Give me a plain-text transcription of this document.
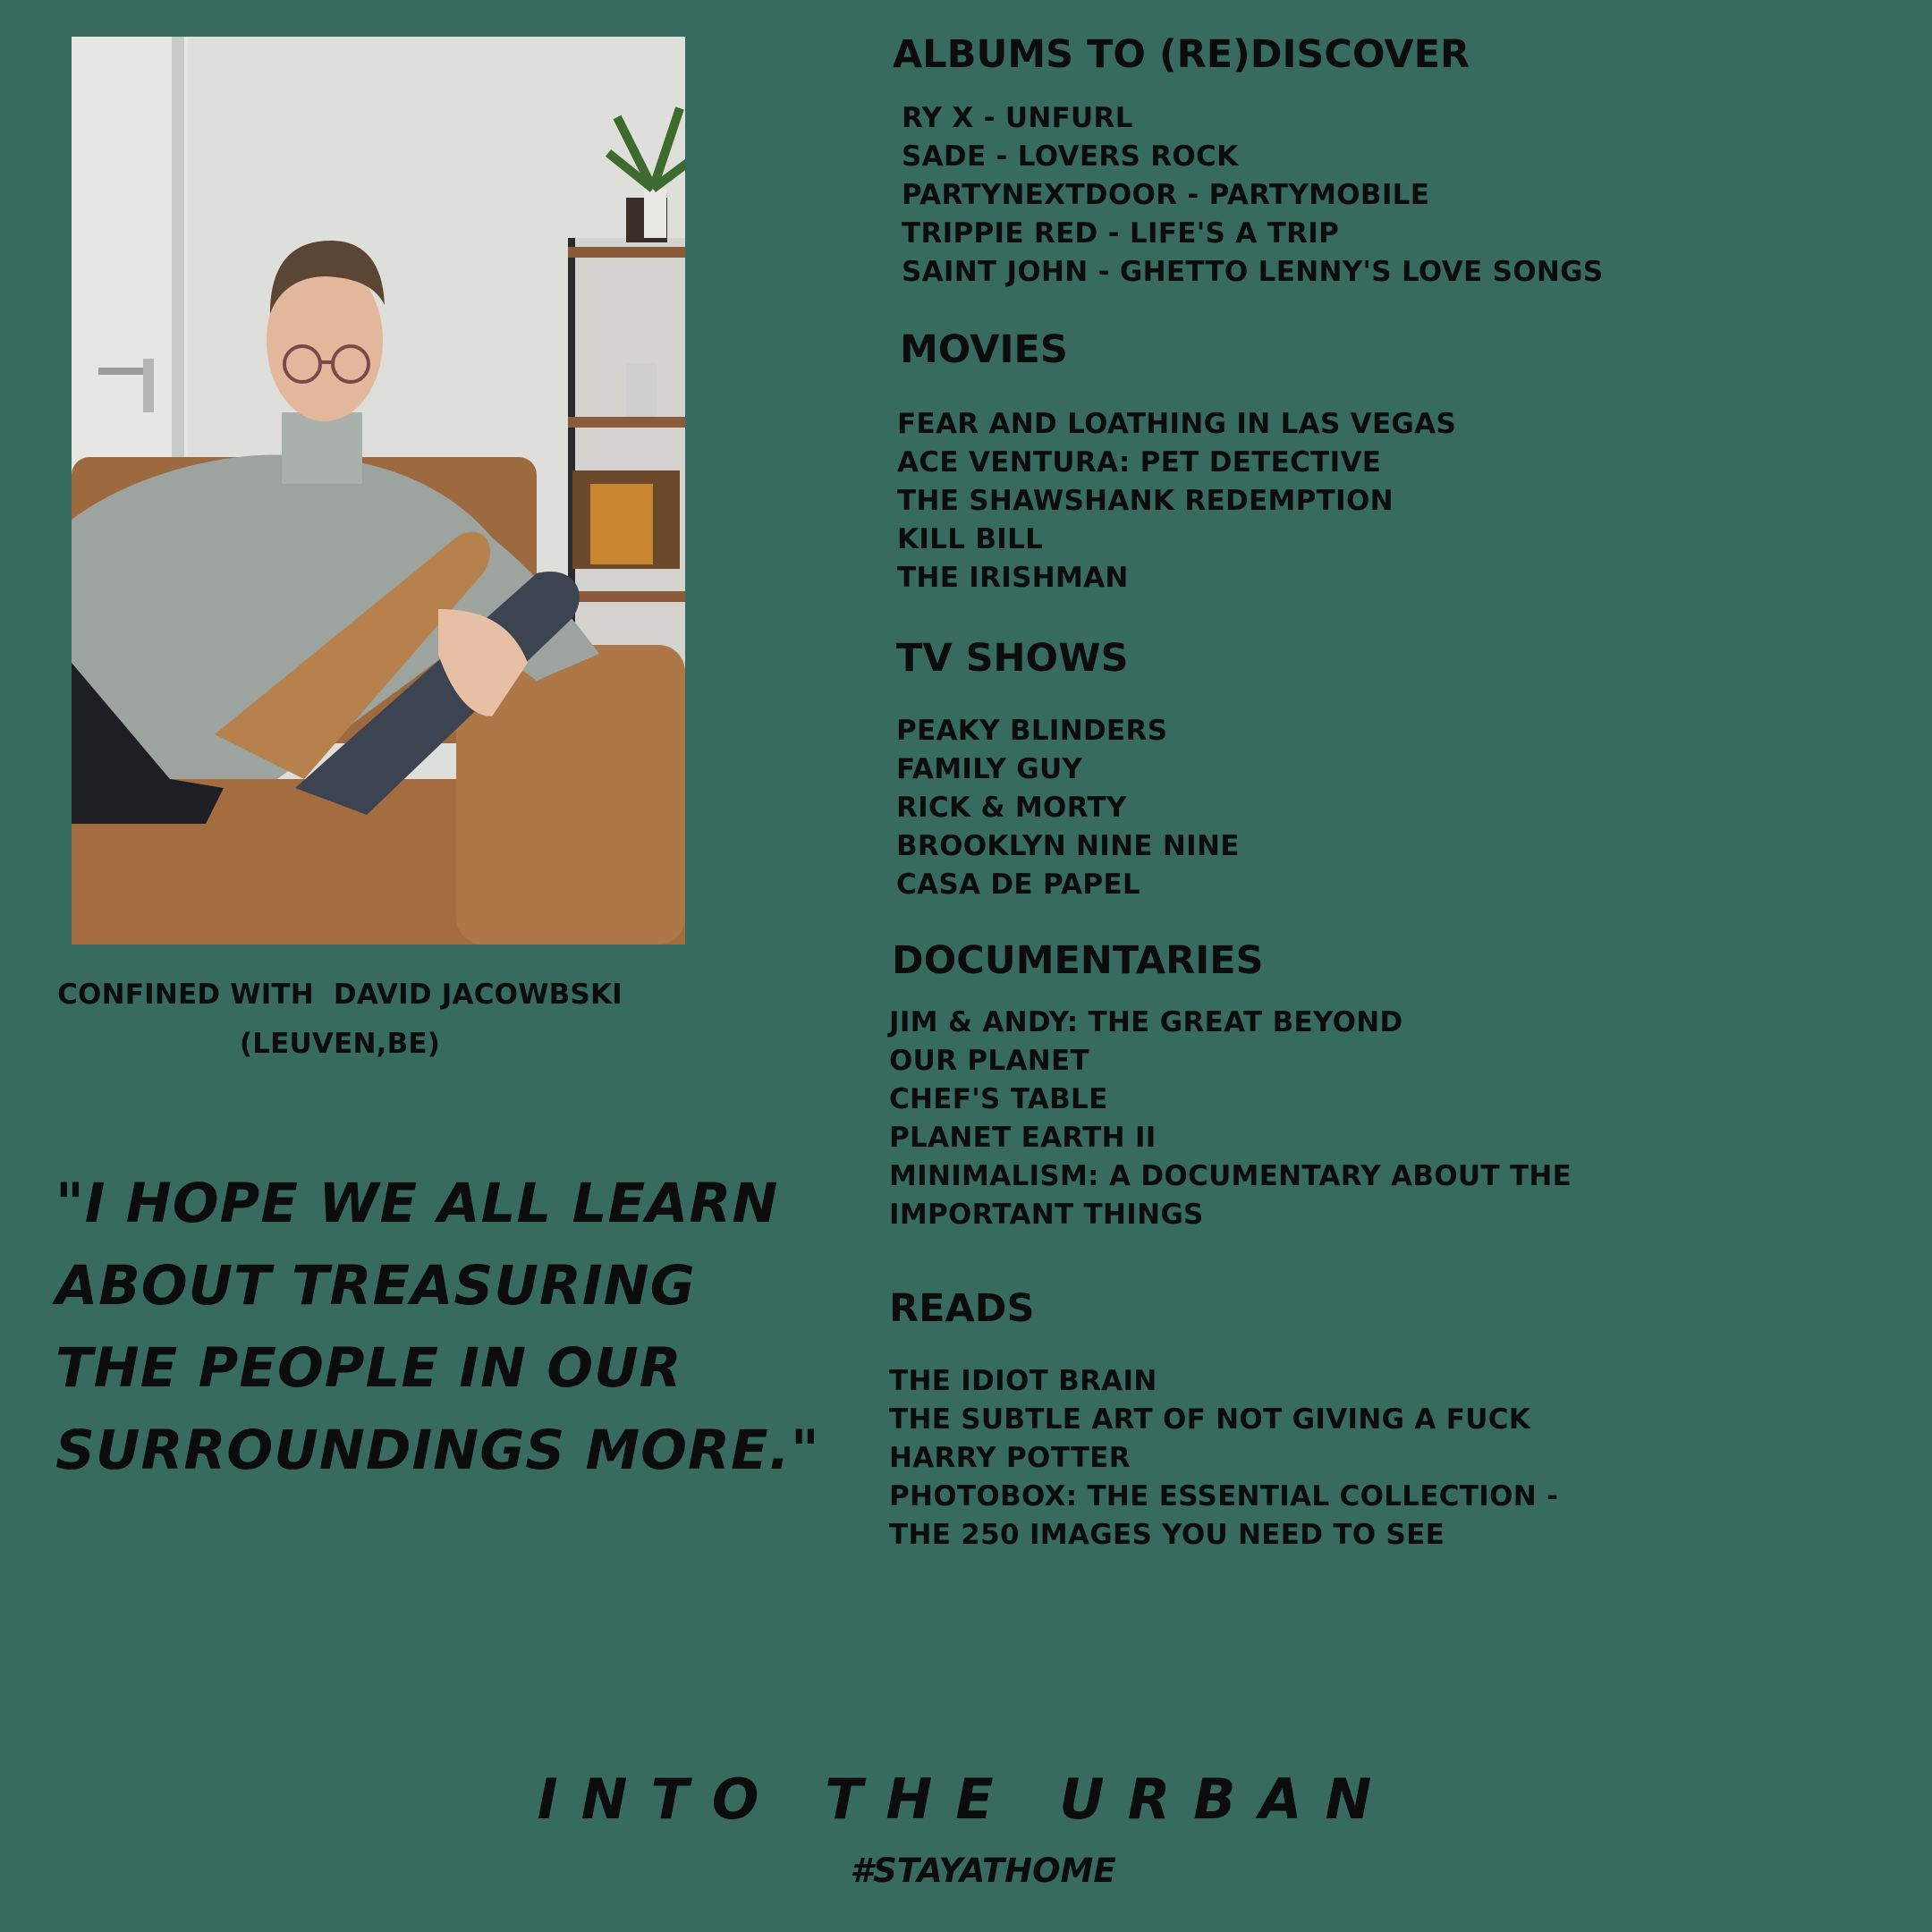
CONFINED WITH  DAVID JACOWBSKI
(LEUVEN,BE)
"I HOPE WE ALL LEARN
ABOUT TREASURING
THE PEOPLE IN OUR
SURROUNDINGS MORE."
ALBUMS TO (RE)DISCOVER
RY X - UNFURL
SADE - LOVERS ROCK
PARTYNEXTDOOR - PARTYMOBILE
TRIPPIE RED - LIFE'S A TRIP
SAINT JOHN - GHETTO LENNY'S LOVE SONGS
MOVIES
FEAR AND LOATHING IN LAS VEGAS
ACE VENTURA: PET DETECTIVE
THE SHAWSHANK REDEMPTION
KILL BILL
THE IRISHMAN
TV SHOWS
PEAKY BLINDERS
FAMILY GUY
RICK & MORTY
BROOKLYN NINE NINE
CASA DE PAPEL
DOCUMENTARIES
JIM & ANDY: THE GREAT BEYOND
OUR PLANET
CHEF'S TABLE
PLANET EARTH II
MINIMALISM: A DOCUMENTARY ABOUT THE
IMPORTANT THINGS
READS
THE IDIOT BRAIN
THE SUBTLE ART OF NOT GIVING A FUCK
HARRY POTTER
PHOTOBOX: THE ESSENTIAL COLLECTION -
THE 250 IMAGES YOU NEED TO SEE
INTO THE URBAN
#STAYATHOME
